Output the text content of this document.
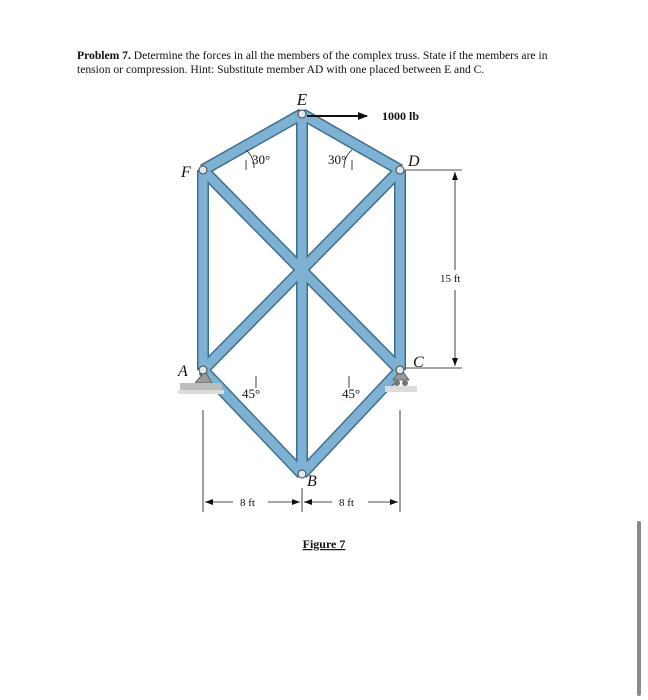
Problem 7. Determine the forces in all the members of the complex truss. State if the members are in tension or compression. Hint: Substitute member AD with one placed between E and C.
E
F
D
A
C
B
1000 lb
30°	30°
45°	45°
15 ft
8 ft	8 ft
Figure 7
